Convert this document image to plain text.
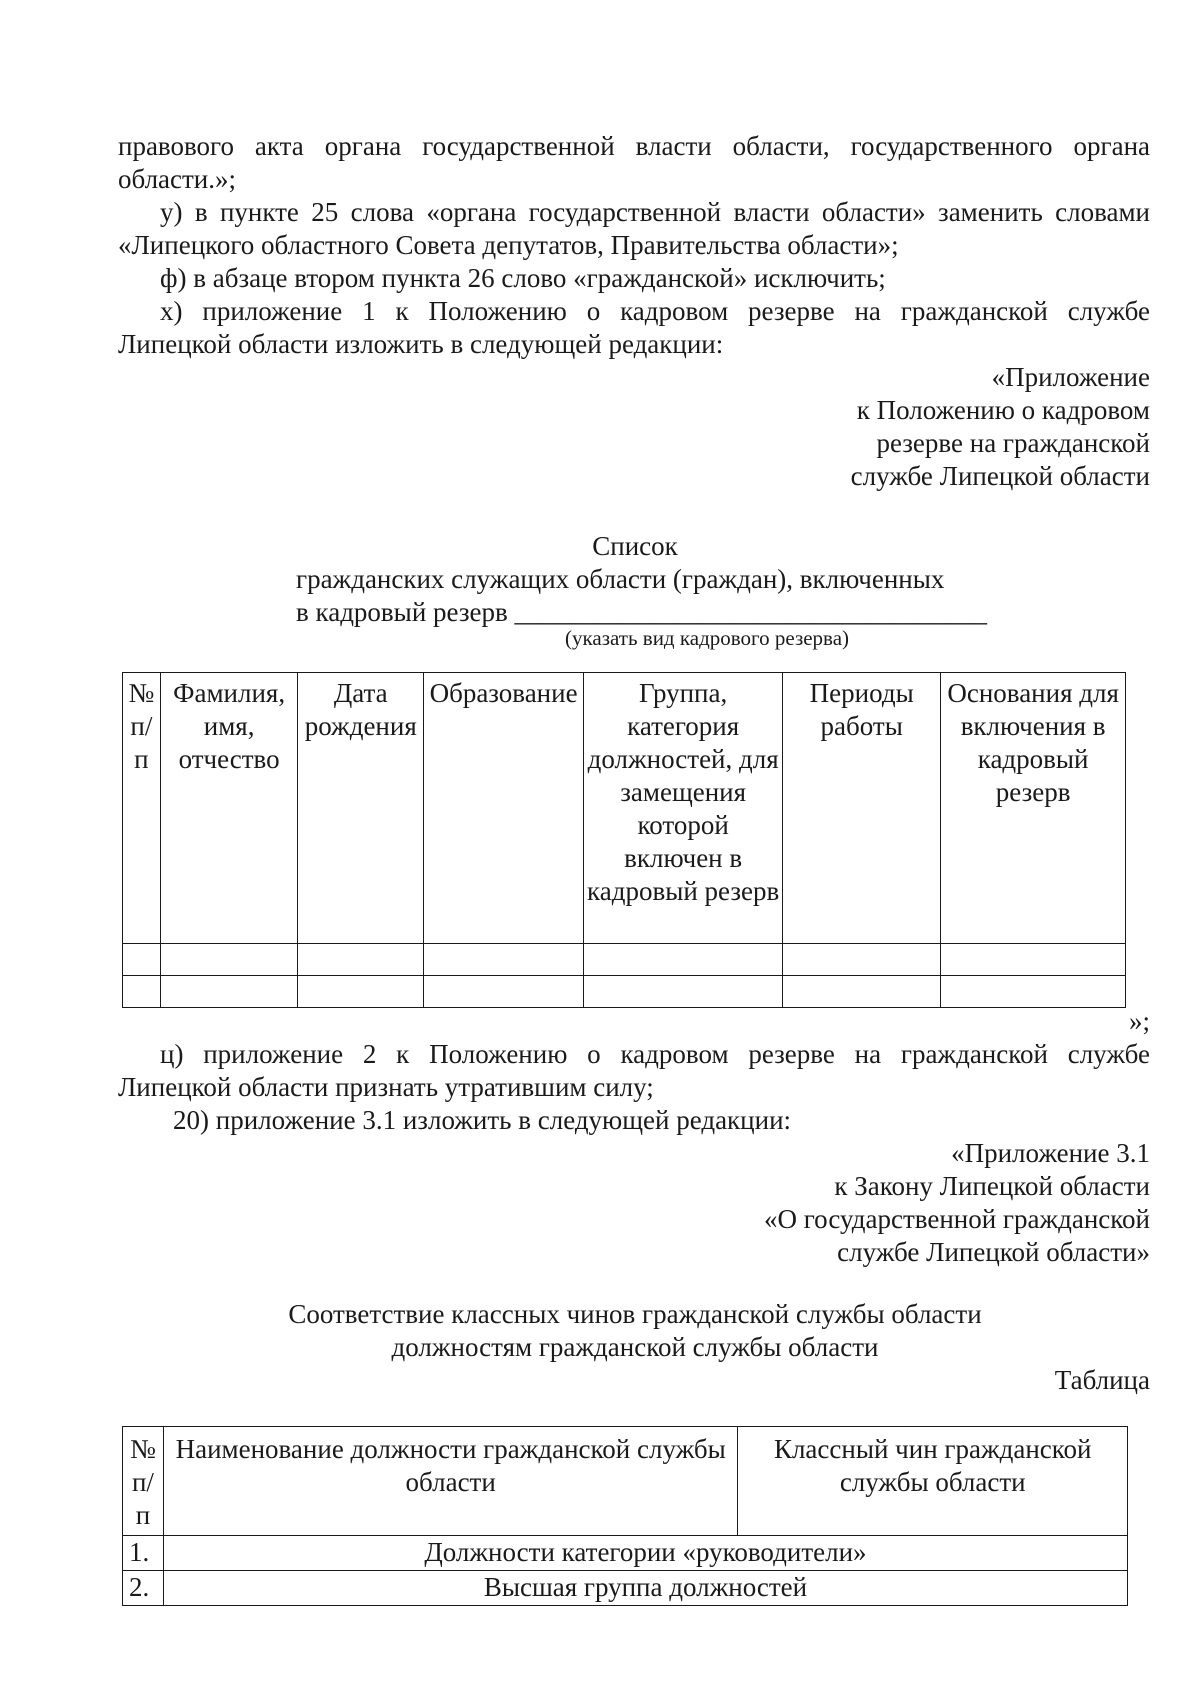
правового акта органа государственной власти области, государственного органа
области.»;
у) в пункте 25 слова «органа государственной власти области» заменить словами
«Липецкого областного Совета депутатов, Правительства области»;
ф) в абзаце втором пункта 26 слово «гражданской» исключить;
х) приложение 1 к Положению о кадровом резерве на гражданской службе
Липецкой области изложить в следующей редакции:
«Приложение
к Положению о кадровом
резерве на гражданской
службе Липецкой области
Список
гражданских служащих области (граждан), включенных
в кадровый резерв ___________________________________
(указать вид кадрового резерва)
№ п/п	Фамилия, имя, отчество	Дата рождения	Образование	Группа, категория должностей, для замещения которой включен в кадровый резерв	Периоды работы	Основания для включения в кадровый резерв

»;
ц) приложение 2 к Положению о кадровом резерве на гражданской службе
Липецкой области признать утратившим силу;
20) приложение 3.1 изложить в следующей редакции:
«Приложение 3.1
к Закону Липецкой области
«О государственной гражданской
службе Липецкой области»
Соответствие классных чинов гражданской службы области
должностям гражданской службы области
Таблица
№ п/ п	Наименование должности гражданской службы области	Классный чин гражданской службы области
1.	Должности категории «руководители»	
2.	Высшая группа должностей	
